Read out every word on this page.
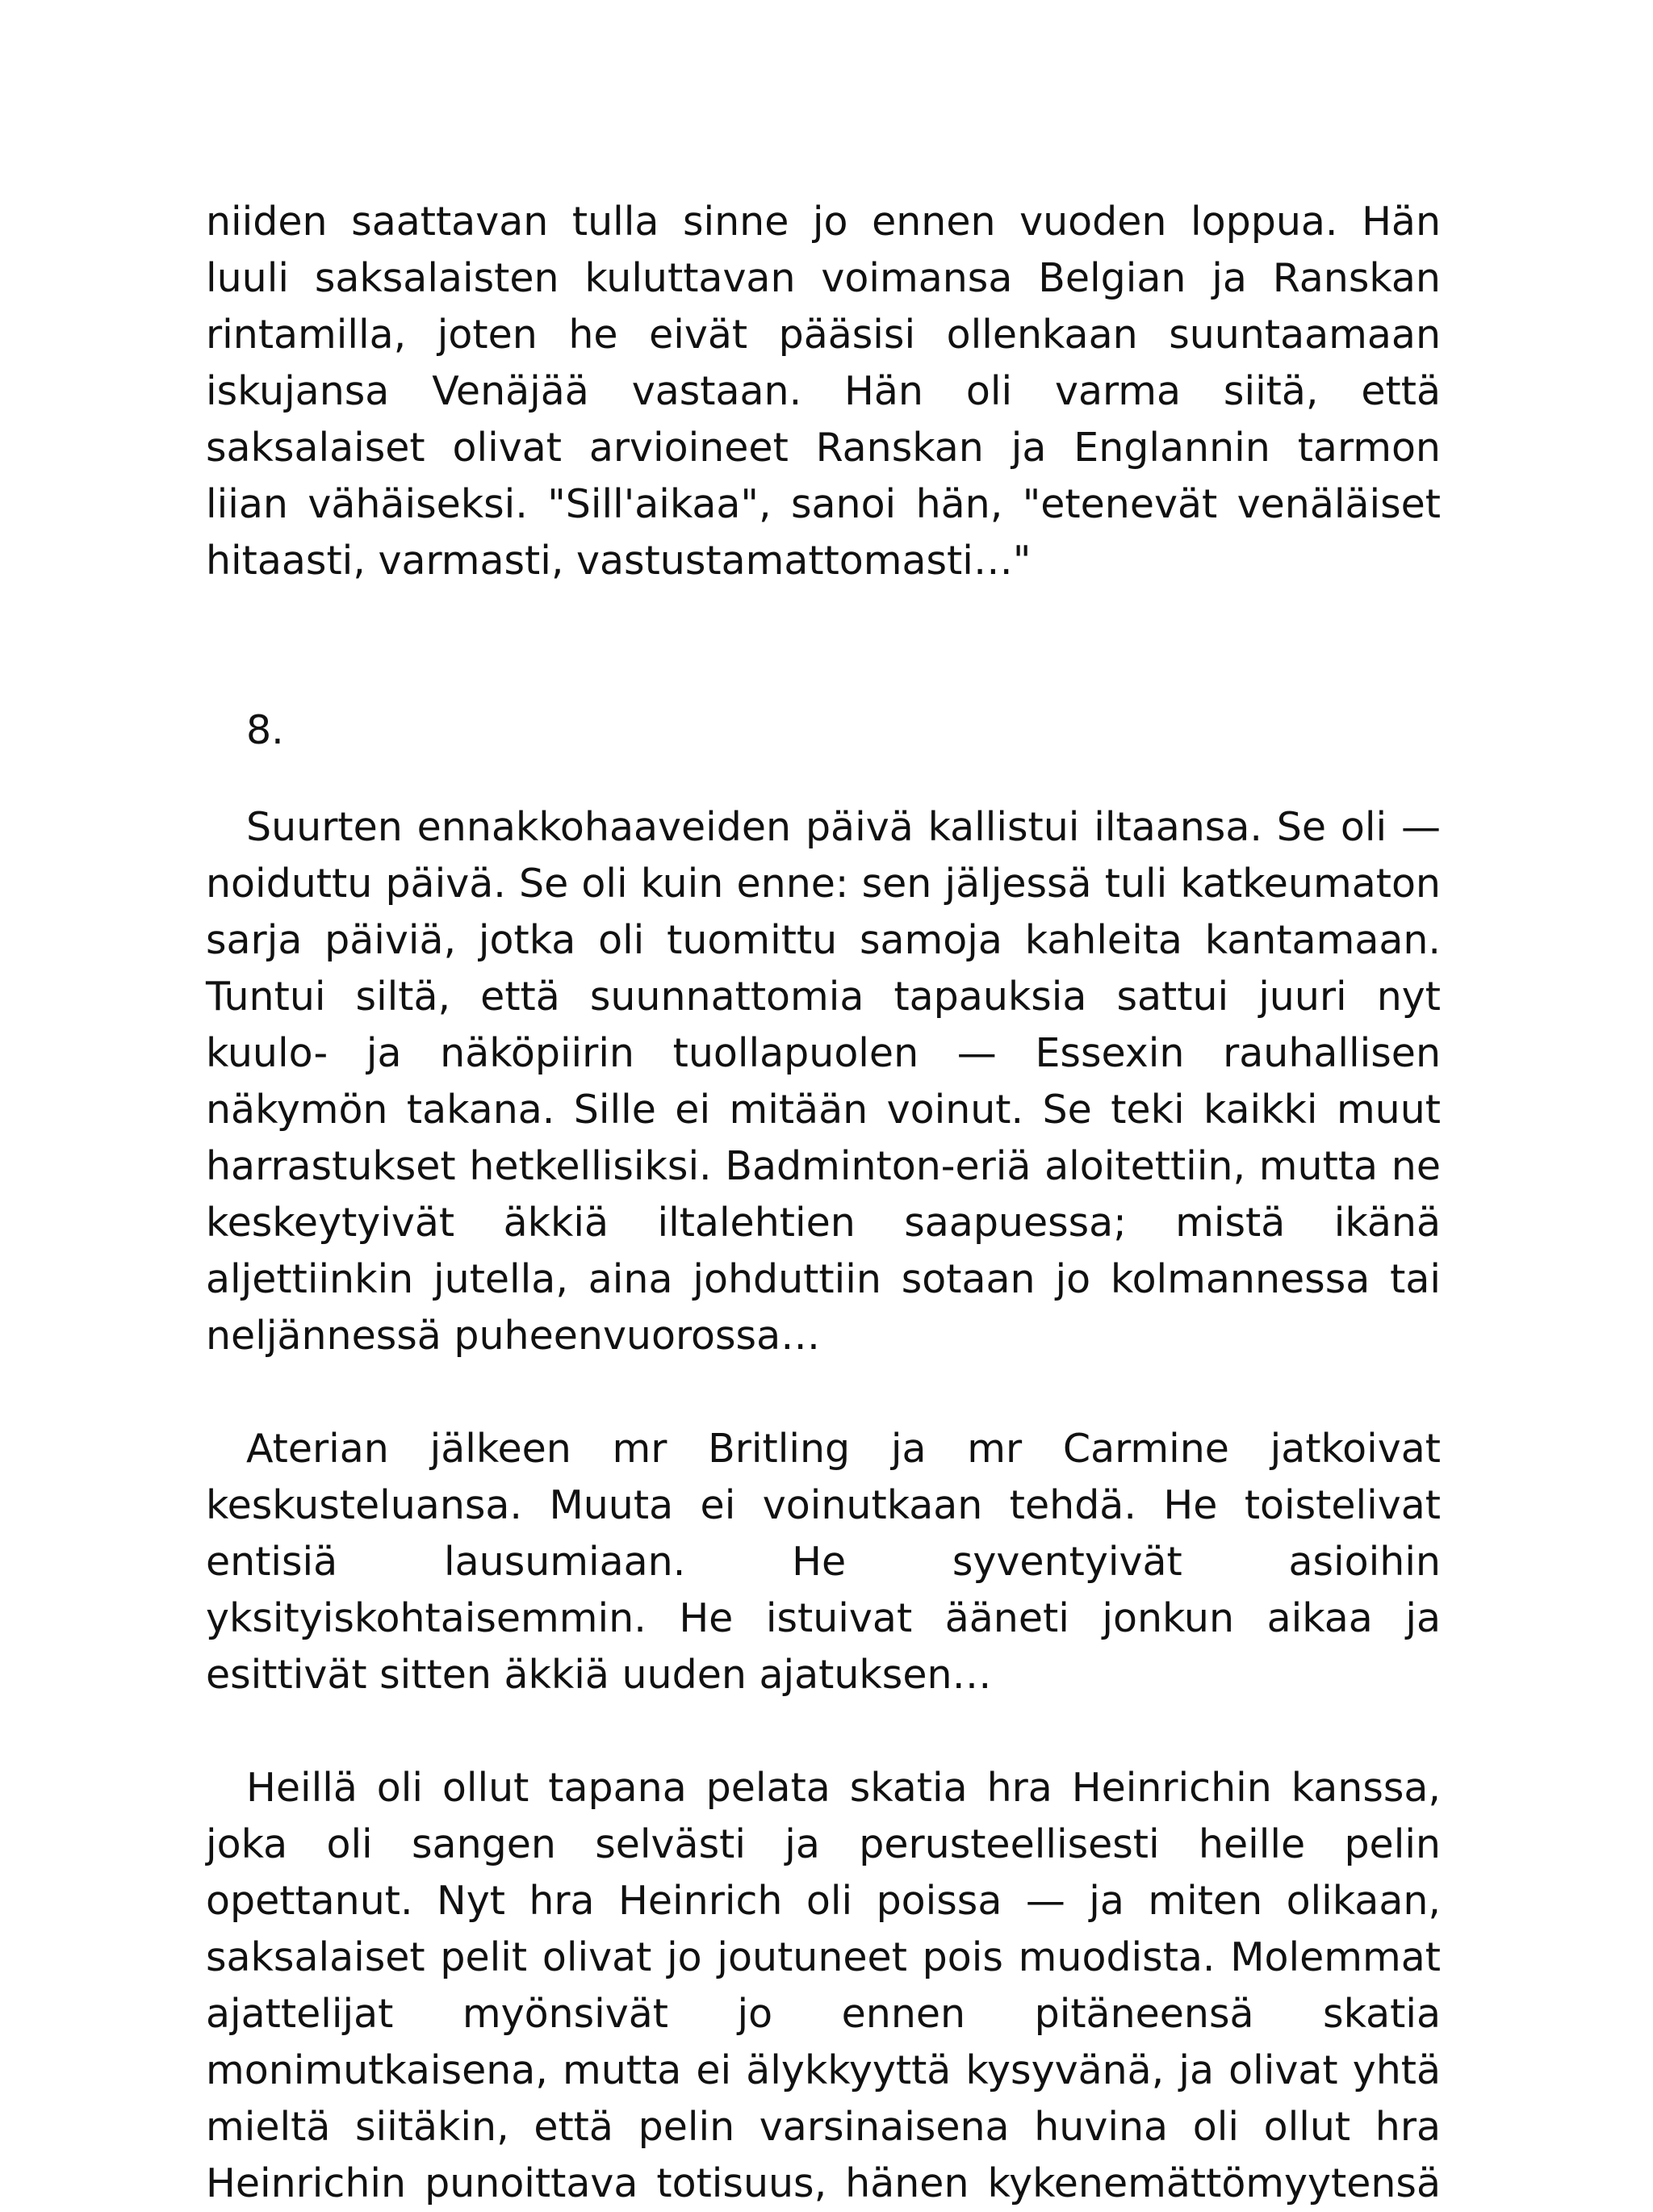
niiden saattavan tulla sinne jo ennen vuoden loppua. Hän luuli saksalaisten kuluttavan voimansa Belgian ja Ranskan rintamilla, joten he eivät pääsisi ollenkaan suuntaamaan iskujansa Venäjää vastaan. Hän oli varma siitä, että saksalaiset olivat arvioineet Ranskan ja Englannin tarmon liian vähäiseksi. "Sill'aikaa", sanoi hän, "etenevät venäläiset hitaasti, varmasti, vastustamattomasti…"

8.

Suurten ennakkohaaveiden päivä kallistui iltaansa. Se oli — noiduttu päivä. Se oli kuin enne: sen jäljessä tuli katkeumaton sarja päiviä, jotka oli tuomittu samoja kahleita kantamaan. Tuntui siltä, että suunnattomia tapauksia sattui juuri nyt kuulo- ja näköpiirin tuollapuolen — Essexin rauhallisen näkymön takana. Sille ei mitään voinut. Se teki kaikki muut harrastukset hetkellisiksi. Badminton-eriä aloitettiin, mutta ne keskeytyivät äkkiä iltalehtien saapuessa; mistä ikänä aljettiinkin jutella, aina johduttiin sotaan jo kolmannessa tai neljännessä puheenvuorossa…

Aterian jälkeen mr Britling ja mr Carmine jatkoivat keskusteluansa. Muuta ei voinutkaan tehdä. He toistelivat entisiä lausumiaan. He syventyivät asioihin yksityiskohtaisemmin. He istuivat ääneti jonkun aikaa ja esittivät sitten äkkiä uuden ajatuksen…

Heillä oli ollut tapana pelata skatia hra Heinrichin kanssa, joka oli sangen selvästi ja perusteellisesti heille pelin opettanut. Nyt hra Heinrich oli poissa — ja miten olikaan, saksalaiset pelit olivat jo joutuneet pois muodista. Molemmat ajattelijat myönsivät jo ennen pitäneensä skatia monimutkaisena, mutta ei älykkyyttä kysyvänä, ja olivat yhtä mieltä siitäkin, että pelin varsinaisena huvina oli ollut hra Heinrichin punoittava totisuus, hänen kykenemättömyytensä
